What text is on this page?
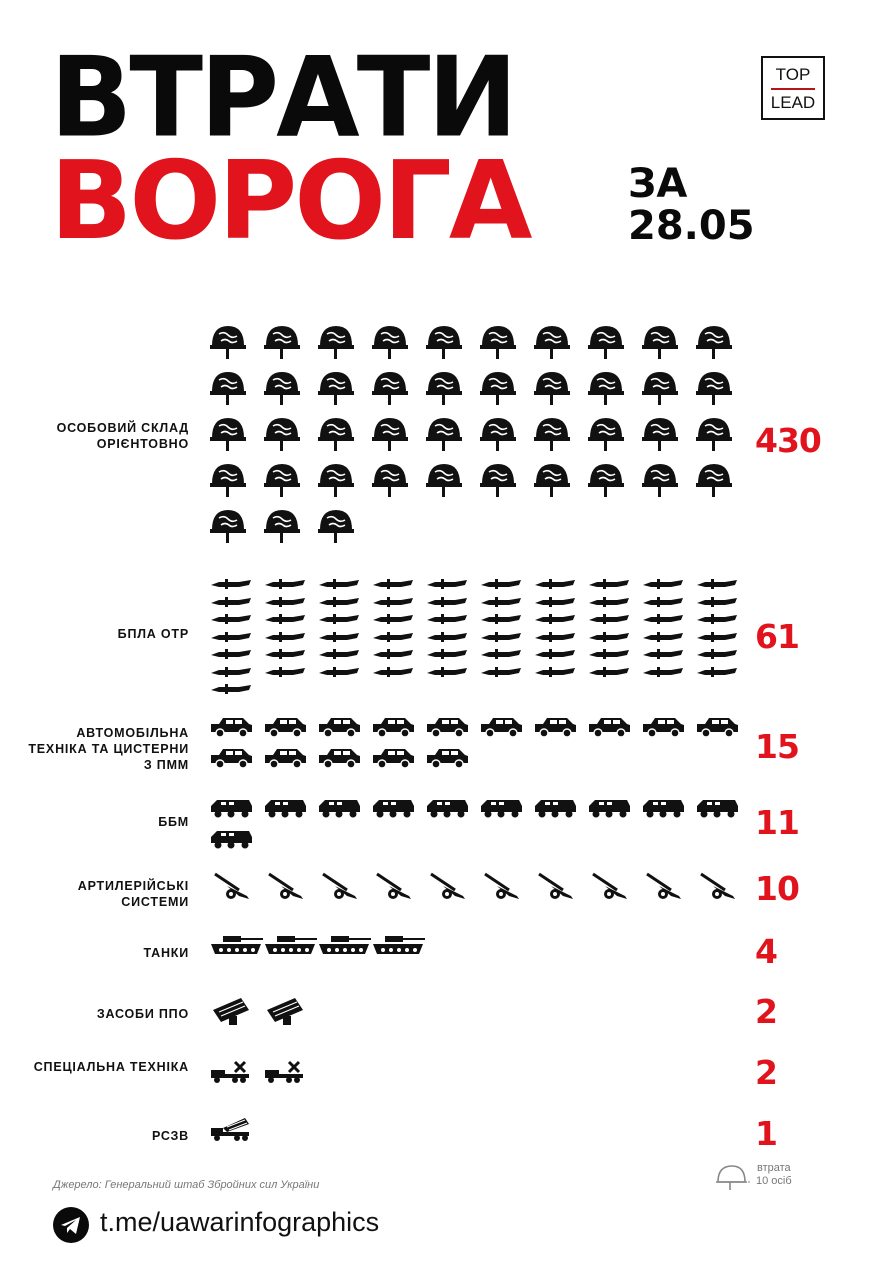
ВТРАТИ
ВОРОГА ЗА
28.05
TOP
LEAD
ОСОБОВИЙ СКЛАД ОРІЄНТОВНО	430
БПЛА ОТР	61
АВТОМОБІЛЬНА ТЕХНІКА ТА ЦИСТЕРНИ З ПММ	15
ББМ	11
АРТИЛЕРІЙСЬКІ СИСТЕМИ	10
ТАНКИ	4
ЗАСОБИ ППО	2
СПЕЦІАЛЬНА ТЕХНІКА	2
РСЗВ	1
Джерело: Генеральний штаб Збройних сил України
втрата
10 осіб
t.me/uawarinfographics
